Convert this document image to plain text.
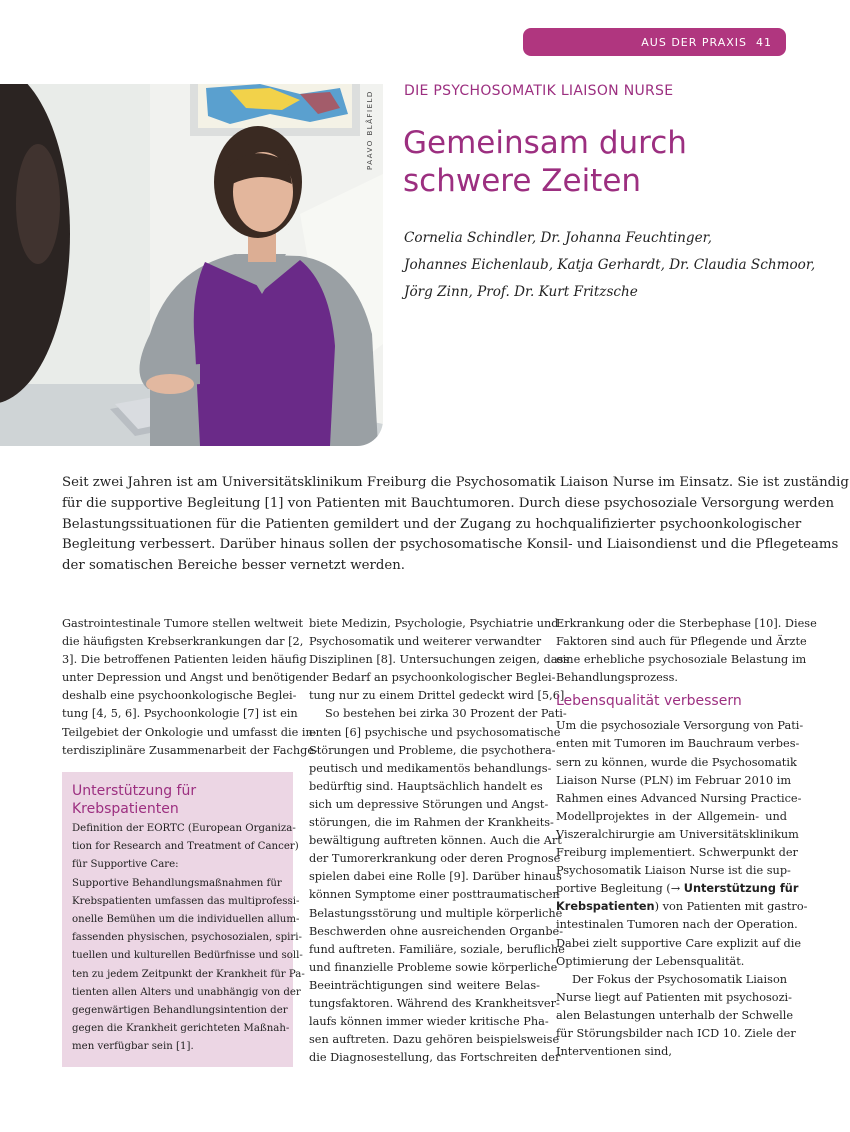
AUS DER PRAXIS 41
PAAVO BLÅFIELD	DIE PSYCHOSOMATIK LIAISON NURSE
Gemeinsam durch
schwere Zeiten
Cornelia Schindler, Dr. Johanna Feuchtinger,
Johannes Eichenlaub, Katja Gerhardt, Dr. Claudia Schmoor,
Jörg Zinn, Prof. Dr. Kurt Fritzsche
Seit zwei Jahren ist am Universitätsklinikum Freiburg die Psychosomatik Liaison Nurse im Einsatz. Sie ist zuständig
für die supportive Begleitung [1] von Patienten mit Bauchtumoren. Durch diese psychosoziale Versorgung werden
Belastungssituationen für die Patienten gemildert und der Zugang zu hochqualifizierter psychoonkologischer
Begleitung verbessert. Darüber hinaus sollen der psychosomatische Konsil- und Liaisondienst und die Pflegeteams
der somatischen Bereiche besser vernetzt werden.
Gastrointestinale Tumore stellen weltweit
die häufigsten Krebserkrankungen dar [2,
3]. Die betroffenen Patienten leiden häufig
unter Depression und Angst und benötigen
deshalb eine psychoonkologische Beglei-
tung [4, 5, 6]. Psychoonkologie [7] ist ein
Teilgebiet der Onkologie und umfasst die in-
terdisziplinäre Zusammenarbeit der Fachge-
Unterstützung für
Krebspatienten
Definition der EORTC (European Organiza-
tion for Research and Treatment of Cancer)
für Supportive Care:
Supportive Behandlungsmaßnahmen für
Krebspatienten umfassen das multiprofessi-
onelle Bemühen um die individuellen allum-
fassenden physischen, psychosozialen, spiri-
tuellen und kulturellen Bedürfnisse und soll-
ten zu jedem Zeitpunkt der Krankheit für Pa-
tienten allen Alters und unabhängig von der
gegenwärtigen Behandlungsintention der
gegen die Krankheit gerichteten Maßnah-
men verfügbar sein [1].
biete Medizin, Psychologie, Psychiatrie und
Psychosomatik und weiterer verwandter
Disziplinen [8]. Untersuchungen zeigen, dass
der Bedarf an psychoonkologischer Beglei-
tung nur zu einem Drittel gedeckt wird [5,6].
So bestehen bei zirka 30 Prozent der Pati-
enten [6] psychische und psychosomatische
Störungen und Probleme, die psychothera-
peutisch und medikamentös behandlungs-
bedürftig sind. Hauptsächlich handelt es
sich um depressive Störungen und Angst-
störungen, die im Rahmen der Krankheits-
bewältigung auftreten können. Auch die Art
der Tumorerkrankung oder deren Prognose
spielen dabei eine Rolle [9]. Darüber hinaus
können Symptome einer posttraumatischen
Belastungsstörung und multiple körperliche
Beschwerden ohne ausreichenden Organbe-
fund auftreten. Familiäre, soziale, berufliche
und finanzielle Probleme sowie körperliche
Beeinträchtigungen sind weitere Belas-
tungsfaktoren. Während des Krankheitsver-
laufs können immer wieder kritische Pha-
sen auftreten. Dazu gehören beispielsweise
die Diagnosestellung, das Fortschreiten der
Erkrankung oder die Sterbephase [10]. Diese
Faktoren sind auch für Pflegende und Ärzte
eine erhebliche psychosoziale Belastung im
Behandlungsprozess.
Lebensqualität verbessern
Um die psychosoziale Versorgung von Pati-
enten mit Tumoren im Bauchraum verbes-
sern zu können, wurde die Psychosomatik
Liaison Nurse (PLN) im Februar 2010 im
Rahmen eines Advanced Nursing Practice-
Modellprojektes in der Allgemein- und
Viszeralchirurgie am Universitätsklinikum
Freiburg implementiert. Schwerpunkt der
Psychosomatik Liaison Nurse ist die sup-
portive Begleitung (→ Unterstützung für
Krebspatienten) von Patienten mit gastro-
intestinalen Tumoren nach der Operation.
Dabei zielt supportive Care explizit auf die
Optimierung der Lebensqualität.
Der Fokus der Psychosomatik Liaison
Nurse liegt auf Patienten mit psychosozi-
alen Belastungen unterhalb der Schwelle
für Störungsbilder nach ICD 10. Ziele der
Interventionen sind,
